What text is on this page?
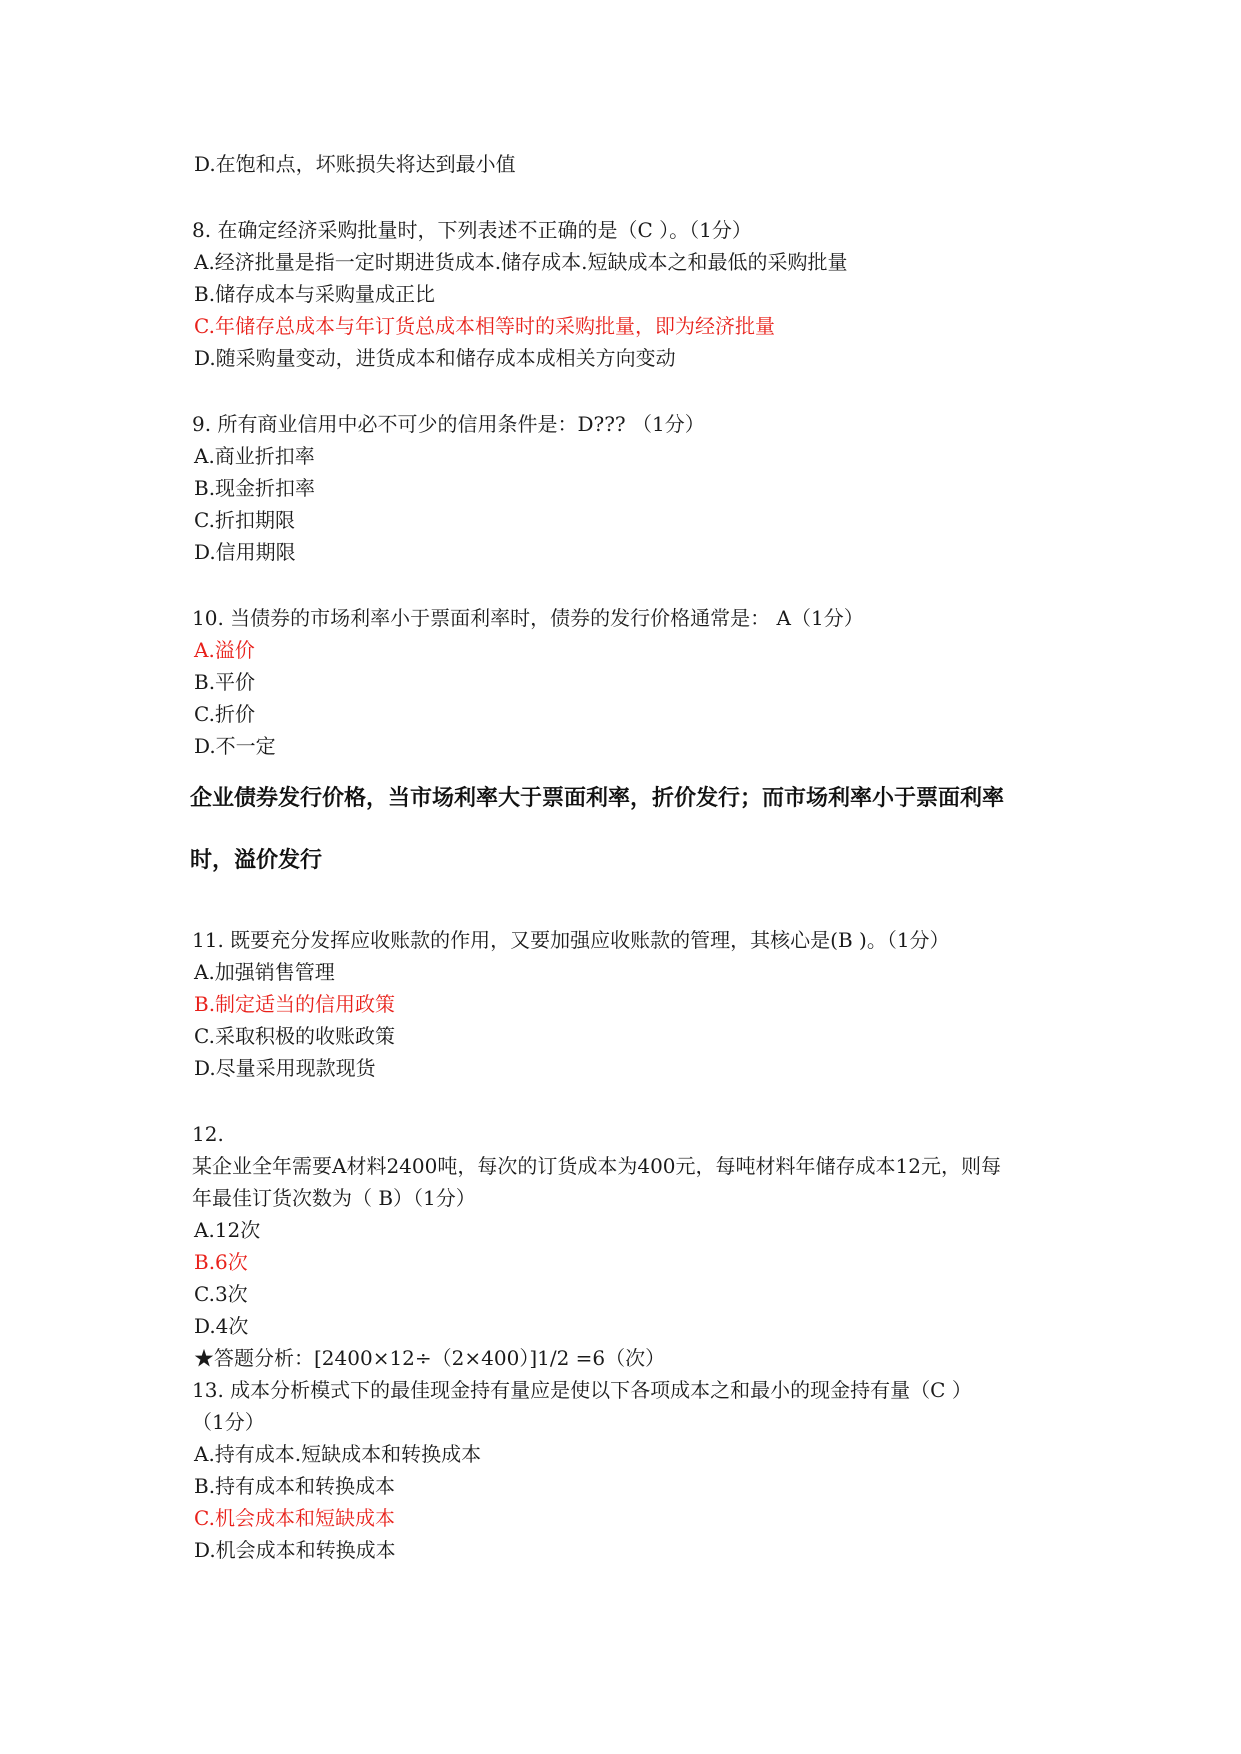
D.在饱和点，坏账损失将达到最小值
8. 在确定经济采购批量时，下列表述不正确的是（C ）。（1分）
A.经济批量是指一定时期进货成本.储存成本.短缺成本之和最低的采购批量
B.储存成本与采购量成正比
C.年储存总成本与年订货总成本相等时的采购批量，即为经济批量
D.随采购量变动，进货成本和储存成本成相关方向变动
9. 所有商业信用中必不可少的信用条件是：D??? （1分）
A.商业折扣率
B.现金折扣率
C.折扣期限
D.信用期限
10. 当债券的市场利率小于票面利率时，债券的发行价格通常是： A（1分）
A.溢价
B.平价
C.折价
D.不一定
企业债券发行价格，当市场利率大于票面利率，折价发行；而市场利率小于票面利率
时，溢价发行
11. 既要充分发挥应收账款的作用，又要加强应收账款的管理，其核心是(B )。（1分）
A.加强销售管理
B.制定适当的信用政策
C.采取积极的收账政策
D.尽量采用现款现货
12.
某企业全年需要A材料2400吨，每次的订货成本为400元，每吨材料年储存成本12元，则每
年最佳订货次数为（ B）（1分）
A.12次
B.6次
C.3次
D.4次
★答题分析：[2400×12÷（2×400）]1/2 =6（次）
13. 成本分析模式下的最佳现金持有量应是使以下各项成本之和最小的现金持有量（C ）
（1分）
A.持有成本.短缺成本和转换成本
B.持有成本和转换成本
C.机会成本和短缺成本
D.机会成本和转换成本
